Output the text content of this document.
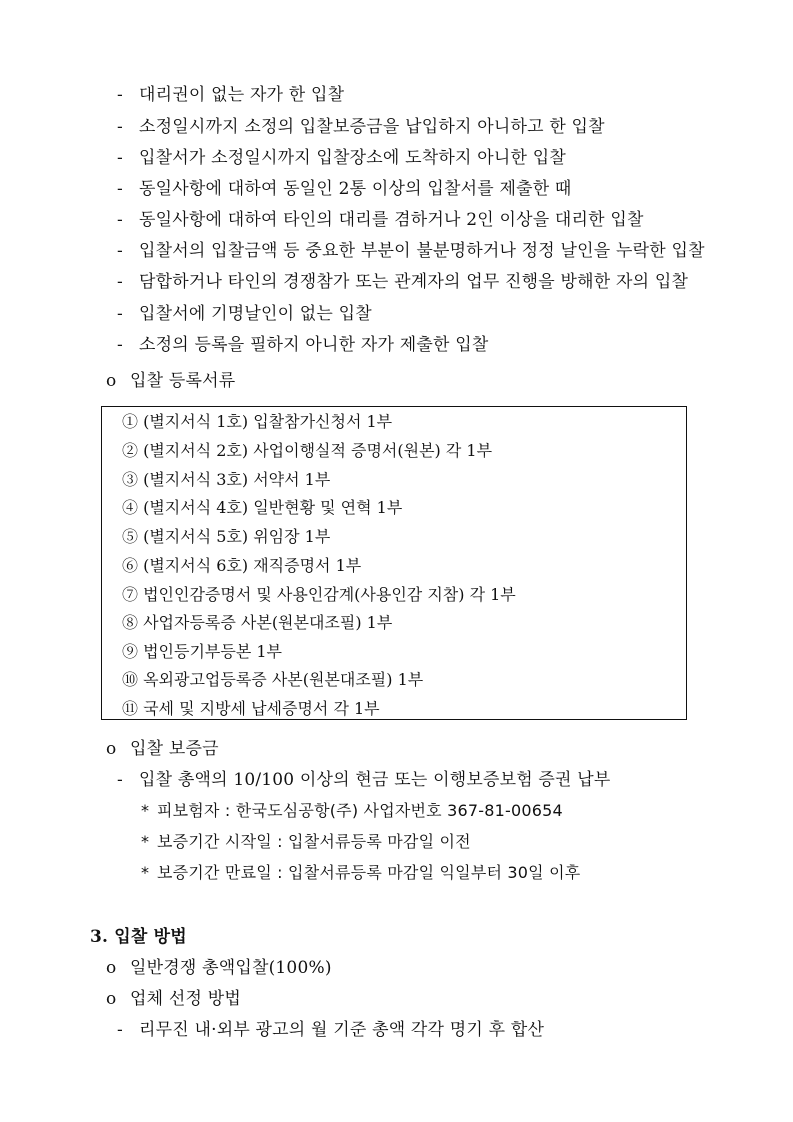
- 대리권이 없는 자가 한 입찰
- 소정일시까지 소정의 입찰보증금을 납입하지 아니하고 한 입찰
- 입찰서가 소정일시까지 입찰장소에 도착하지 아니한 입찰
- 동일사항에 대하여 동일인 2통 이상의 입찰서를 제출한 때
- 동일사항에 대하여 타인의 대리를 겸하거나 2인 이상을 대리한 입찰
- 입찰서의 입찰금액 등 중요한 부분이 불분명하거나 정정 날인을 누락한 입찰
- 담합하거나 타인의 경쟁참가 또는 관계자의 업무 진행을 방해한 자의 입찰
- 입찰서에 기명날인이 없는 입찰
- 소정의 등록을 필하지 아니한 자가 제출한 입찰
o 입찰 등록서류
① (별지서식 1호) 입찰참가신청서 1부
② (별지서식 2호) 사업이행실적 증명서(원본) 각 1부
③ (별지서식 3호) 서약서 1부
④ (별지서식 4호) 일반현황 및 연혁 1부
⑤ (별지서식 5호) 위임장 1부
⑥ (별지서식 6호) 재직증명서 1부
⑦ 법인인감증명서 및 사용인감계(사용인감 지참) 각 1부
⑧ 사업자등록증 사본(원본대조필) 1부
⑨ 법인등기부등본 1부
⑩ 옥외광고업등록증 사본(원본대조필) 1부
⑪ 국세 및 지방세 납세증명서 각 1부
o 입찰 보증금
- 입찰 총액의 10/100 이상의 현금 또는 이행보증보험 증권 납부
* 피보험자 : 한국도심공항(주) 사업자번호 367-81-00654
* 보증기간 시작일 : 입찰서류등록 마감일 이전
* 보증기간 만료일 : 입찰서류등록 마감일 익일부터 30일 이후
3. 입찰 방법
o 일반경쟁 총액입찰(100%)
o 업체 선정 방법
- 리무진 내·외부 광고의 월 기준 총액 각각 명기 후 합산
